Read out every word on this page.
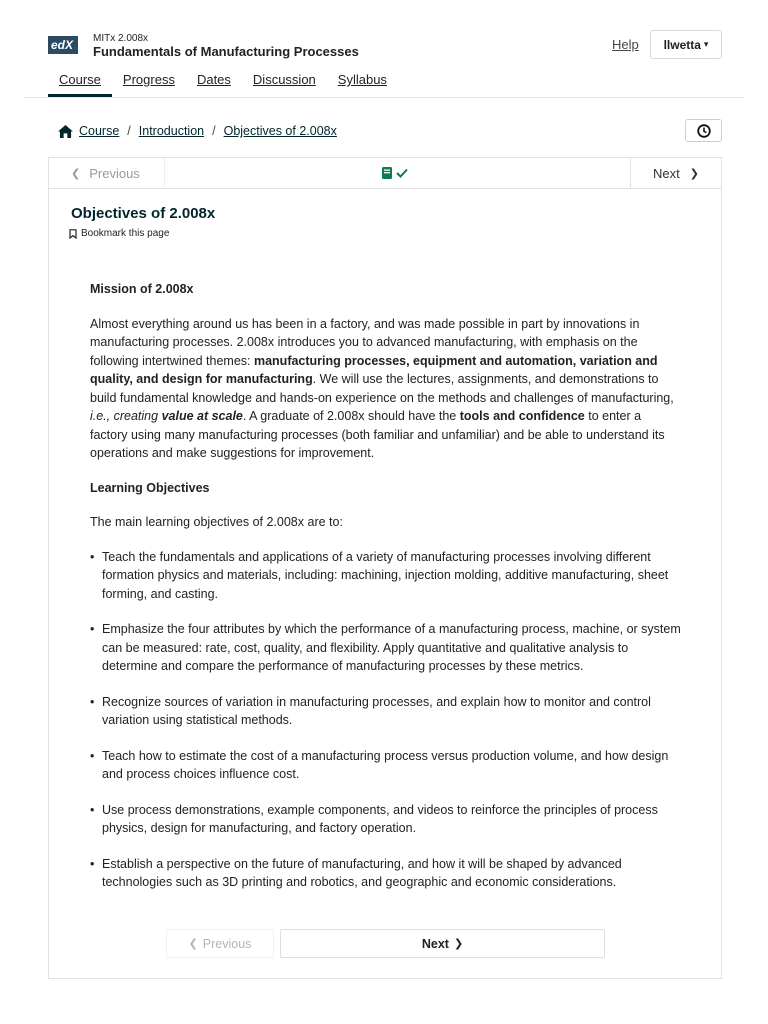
edX MITx 2.008x
Fundamentals of Manufacturing Processes	Help llwetta ▾
Course	Progress	Dates	Discussion	Syllabus
Course / Introduction / Objectives of 2.008x
❮ Previous	Next ❯
Objectives of 2.008x
Bookmark this page
Mission of 2.008x

Almost everything around us has been in a factory, and was made possible in part by innovations in manufacturing processes. 2.008x introduces you to advanced manufacturing, with emphasis on the following intertwined themes: manufacturing processes, equipment and automation, variation and quality, and design for manufacturing. We will use the lectures, assignments, and demonstrations to build fundamental knowledge and hands-on experience on the methods and challenges of manufacturing, i.e., creating value at scale. A graduate of 2.008x should have the tools and confidence to enter a factory using many manufacturing processes (both familiar and unfamiliar) and be able to understand its operations and make suggestions for improvement.

Learning Objectives

The main learning objectives of 2.008x are to:

• Teach the fundamentals and applications of a variety of manufacturing processes involving different formation physics and materials, including: machining, injection molding, additive manufacturing, sheet forming, and casting.
• Emphasize the four attributes by which the performance of a manufacturing process, machine, or system can be measured: rate, cost, quality, and flexibility. Apply quantitative and qualitative analysis to determine and compare the performance of manufacturing processes by these metrics.
• Recognize sources of variation in manufacturing processes, and explain how to monitor and control variation using statistical methods.
• Teach how to estimate the cost of a manufacturing process versus production volume, and how design and process choices influence cost.
• Use process demonstrations, example components, and videos to reinforce the principles of process physics, design for manufacturing, and factory operation.
• Establish a perspective on the future of manufacturing, and how it will be shaped by advanced technologies such as 3D printing and robotics, and geographic and economic considerations.
❮ Previous	Next ❯
